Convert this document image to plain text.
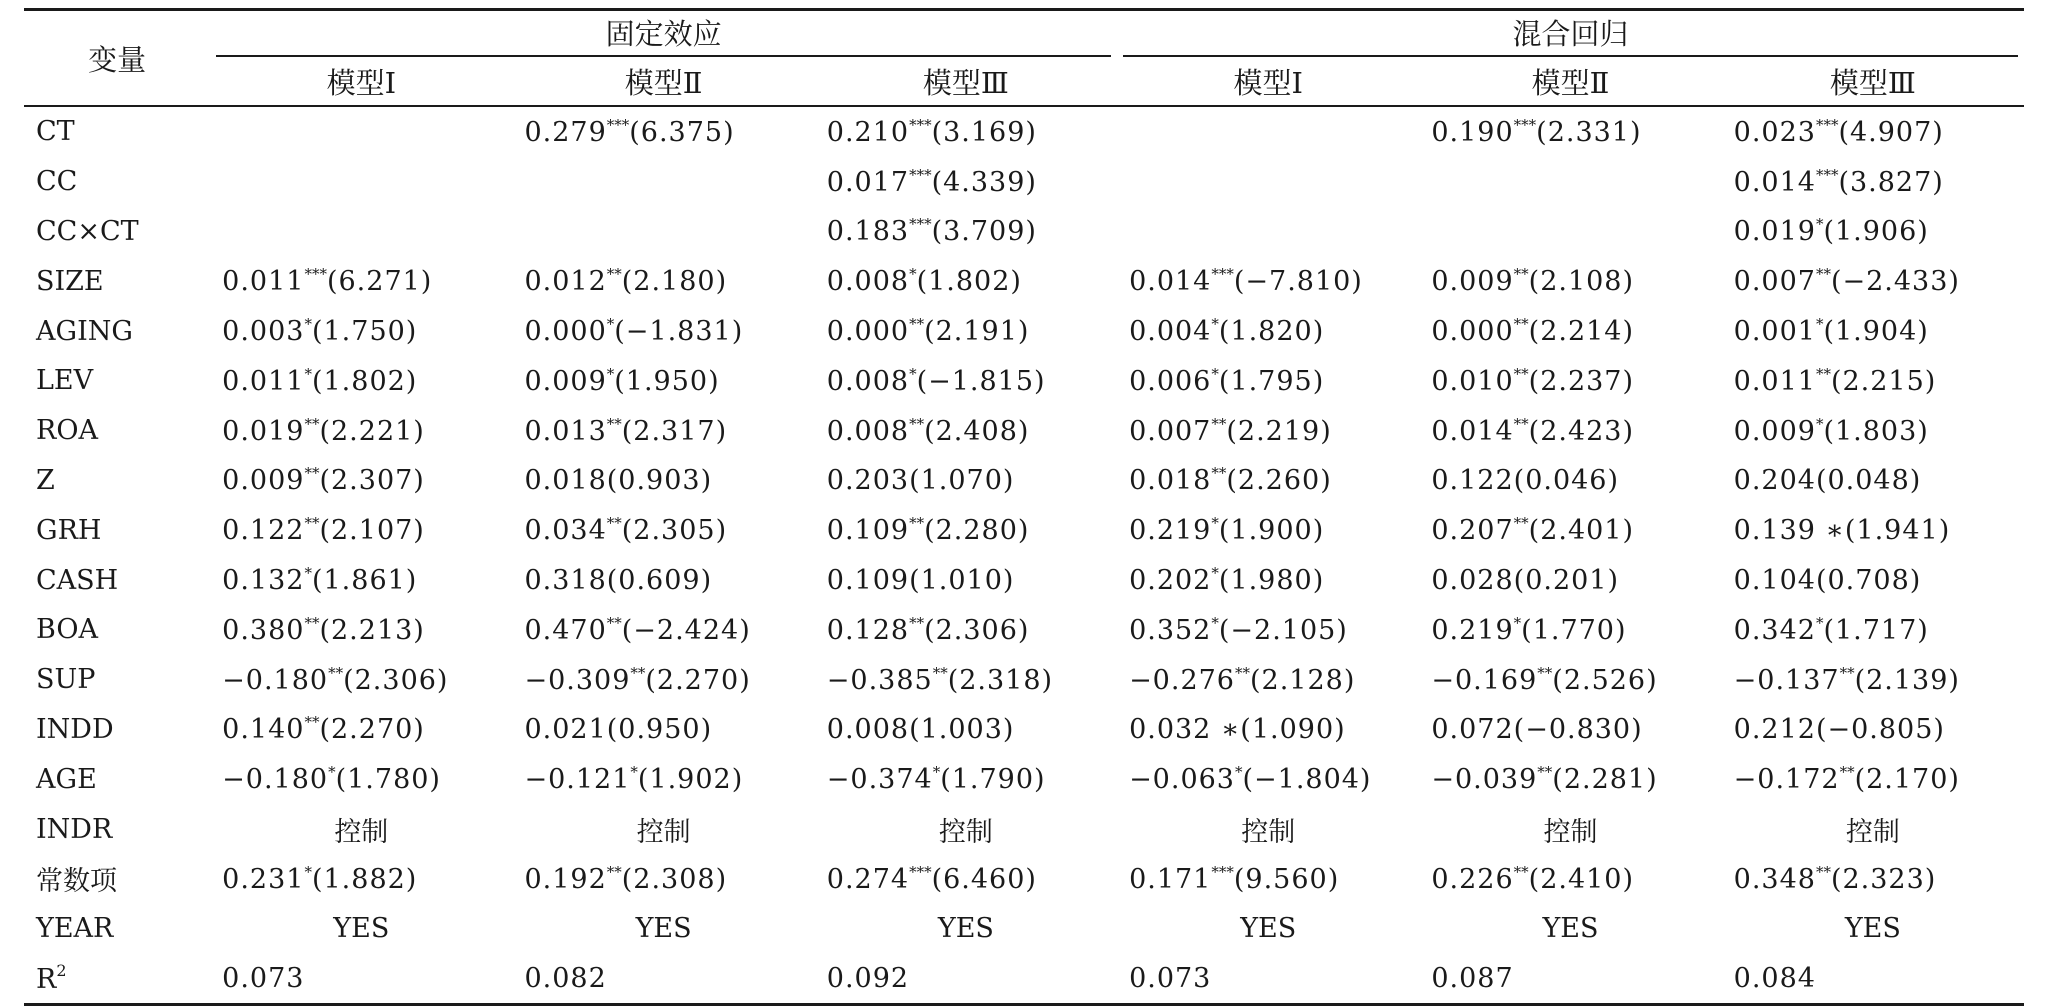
变量	固定效应			混合回归		

	模型Ⅰ	模型Ⅱ	模型Ⅲ	模型Ⅰ	模型Ⅱ	模型Ⅲ
CT		0.279***(6.375)	0.210***(3.169)		0.190***(2.331)	0.023***(4.907)
CC			0.017***(4.339)			0.014***(3.827)
CC×CT			0.183***(3.709)			0.019*(1.906)
SIZE	0.011***(6.271)	0.012**(2.180)	0.008*(1.802)	0.014***(−7.810)	0.009**(2.108)	0.007**(−2.433)
AGING	0.003*(1.750)	0.000*(−1.831)	0.000**(2.191)	0.004*(1.820)	0.000**(2.214)	0.001*(1.904)
LEV	0.011*(1.802)	0.009*(1.950)	0.008*(−1.815)	0.006*(1.795)	0.010**(2.237)	0.011**(2.215)
ROA	0.019**(2.221)	0.013**(2.317)	0.008**(2.408)	0.007**(2.219)	0.014**(2.423)	0.009*(1.803)
Z	0.009**(2.307)	0.018(0.903)	0.203(1.070)	0.018**(2.260)	0.122(0.046)	0.204(0.048)
GRH	0.122**(2.107)	0.034**(2.305)	0.109**(2.280)	0.219*(1.900)	0.207**(2.401)	0.139 ∗(1.941)
CASH	0.132*(1.861)	0.318(0.609)	0.109(1.010)	0.202*(1.980)	0.028(0.201)	0.104(0.708)
BOA	0.380**(2.213)	0.470**(−2.424)	0.128**(2.306)	0.352*(−2.105)	0.219*(1.770)	0.342*(1.717)
SUP	−0.180**(2.306)	−0.309**(2.270)	−0.385**(2.318)	−0.276**(2.128)	−0.169**(2.526)	−0.137**(2.139)
INDD	0.140**(2.270)	0.021(0.950)	0.008(1.003)	0.032 ∗(1.090)	0.072(−0.830)	0.212(−0.805)
AGE	−0.180*(1.780)	−0.121*(1.902)	−0.374*(1.790)	−0.063*(−1.804)	−0.039**(2.281)	−0.172**(2.170)
INDR	控制	控制	控制	控制	控制	控制
常数项	0.231*(1.882)	0.192**(2.308)	0.274***(6.460)	0.171***(9.560)	0.226**(2.410)	0.348**(2.323)
YEAR	YES	YES	YES	YES	YES	YES
$R^2$	0.073	0.082	0.092	0.073	0.087	0.084
